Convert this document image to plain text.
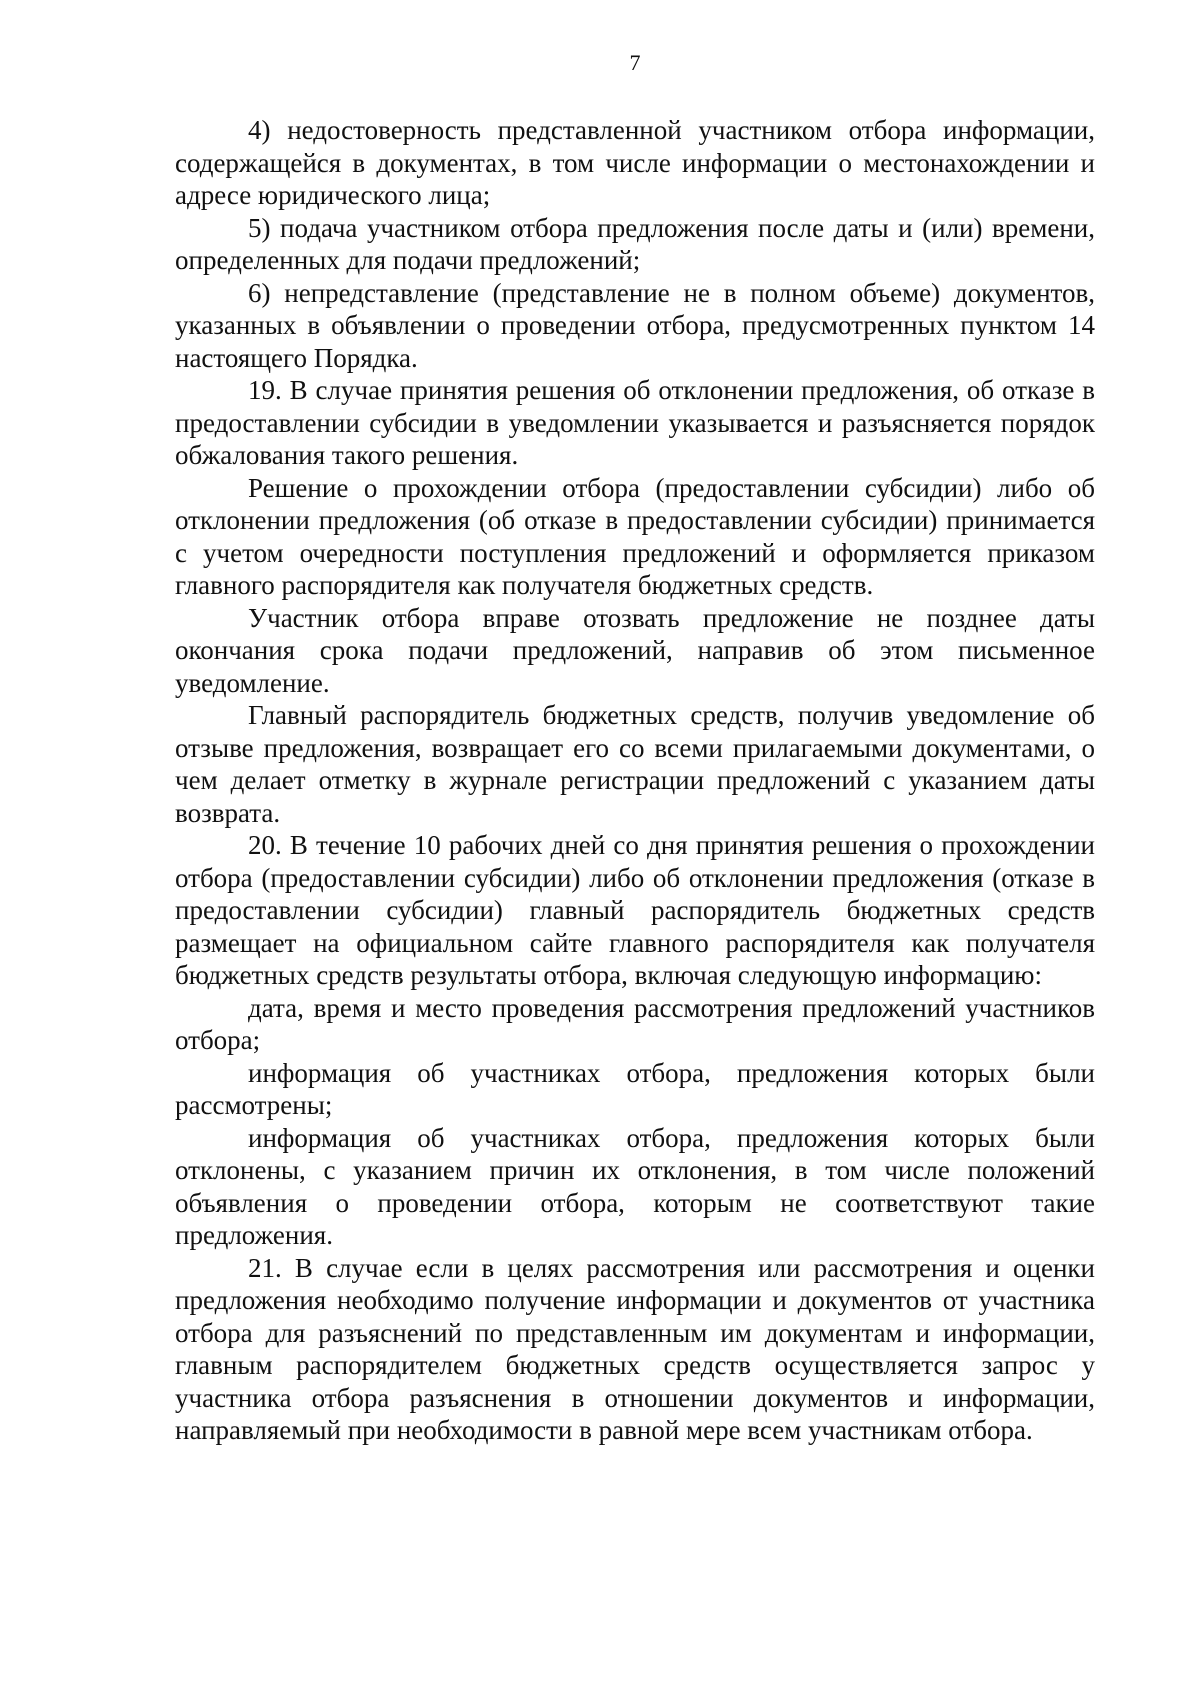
7

4) недостоверность представленной участником отбора информации, содержащейся в документах, в том числе информации о местонахождении и адресе юридического лица;

5) подача участником отбора предложения после даты и (или) времени, определенных для подачи предложений;

6) непредставление (представление не в полном объеме) документов, указанных в объявлении о проведении отбора, предусмотренных пунктом 14 настоящего Порядка.

19. В случае принятия решения об отклонении предложения, об отказе в предоставлении субсидии в уведомлении указывается и разъясняется порядок обжалования такого решения.

Решение о прохождении отбора (предоставлении субсидии) либо об отклонении предложения (об отказе в предоставлении субсидии) принимается с учетом очередности поступления предложений и оформляется приказом главного распорядителя как получателя бюджетных средств.

Участник отбора вправе отозвать предложение не позднее даты окончания срока подачи предложений, направив об этом письменное уведомление.

Главный распорядитель бюджетных средств, получив уведомление об отзыве предложения, возвращает его со всеми прилагаемыми документами, о чем делает отметку в журнале регистрации предложений с указанием даты возврата.

20. В течение 10 рабочих дней со дня принятия решения о прохождении отбора (предоставлении субсидии) либо об отклонении предложения (отказе в предоставлении субсидии) главный распорядитель бюджетных средств размещает на официальном сайте главного распорядителя как получателя бюджетных средств результаты отбора, включая следующую информацию:

дата, время и место проведения рассмотрения предложений участников отбора;

информация об участниках отбора, предложения которых были рассмотрены;

информация об участниках отбора, предложения которых были отклонены, с указанием причин их отклонения, в том числе положений объявления о проведении отбора, которым не соответствуют такие предложения.

21. В случае если в целях рассмотрения или рассмотрения и оценки предложения необходимо получение информации и документов от участника отбора для разъяснений по представленным им документам и информации, главным распорядителем бюджетных средств осуществляется запрос у участника отбора разъяснения в отношении документов и информации, направляемый при необходимости в равной мере всем участникам отбора.
